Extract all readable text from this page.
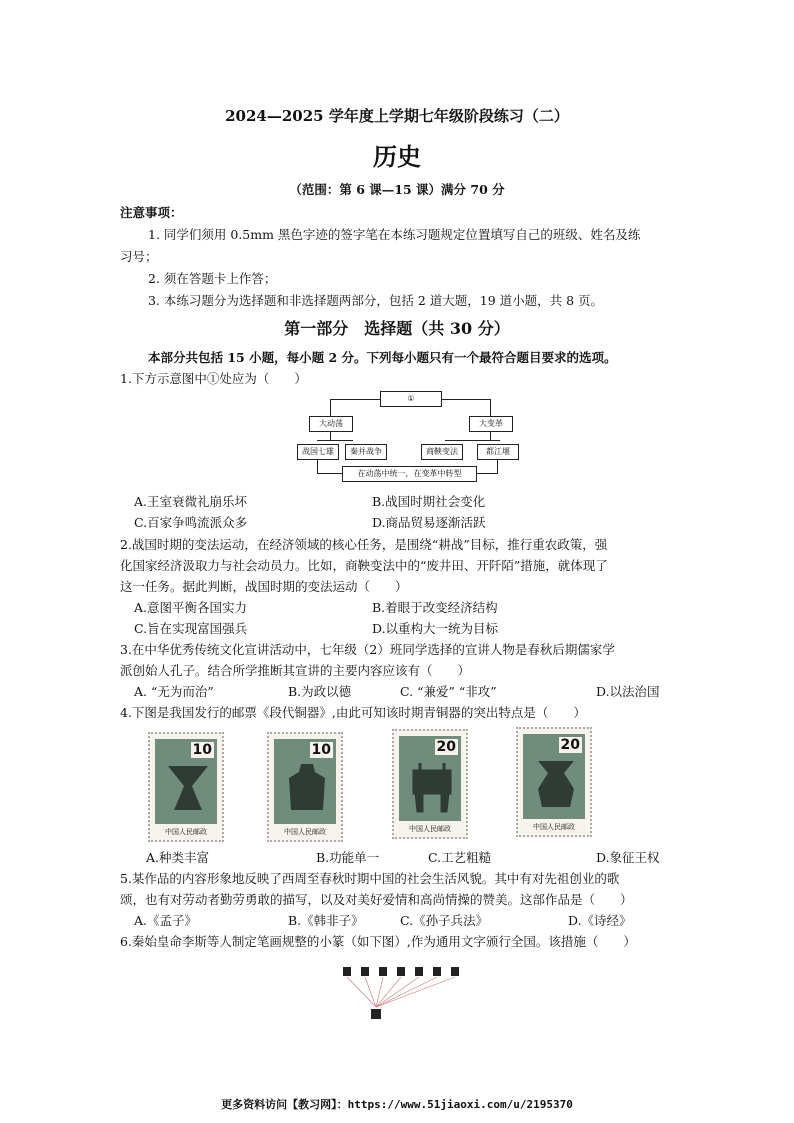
2024—2025 学年度上学期七年级阶段练习（二）
历史
（范围：第 6 课—15 课）满分 70 分
注意事项：
1. 同学们须用 0.5mm 黑色字迹的签字笔在本练习题规定位置填写自己的班级、姓名及练
习号；
2. 须在答题卡上作答；
3. 本练习题分为选择题和非选择题两部分，包括 2 道大题，19 道小题，共 8 页。
第一部分　选择题（共 30 分）
本部分共包括 15 小题，每小题 2 分。下列每小题只有一个最符合题目要求的选项。
1.下方示意图中①处应为（　　）
①
大动荡	大变革
战国七雄	秦并战争	商鞅变法	都江堰
在动荡中统一，在变革中转型
A.王室衰微礼崩乐坏	B.战国时期社会变化
C.百家争鸣流派众多	D.商品贸易逐渐活跃
2.战国时期的变法运动，在经济领域的核心任务，是围绕“耕战”目标，推行重农政策，强
化国家经济汲取力与社会动员力。比如，商鞅变法中的“废井田、开阡陌”措施，就体现了
这一任务。据此判断，战国时期的变法运动（　　）
A.意图平衡各国实力	B.着眼于改变经济结构
C.旨在实现富国强兵	D.以重构大一统为目标
3.在中华优秀传统文化宣讲活动中，七年级（2）班同学选择的宣讲人物是春秋后期儒家学
派创始人孔子。结合所学推断其宣讲的主要内容应该有（　　）
A. “无为而治”	B.为政以德	C. “兼爱” “非攻”	D.以法治国
4.下图是我国发行的邮票《段代铜器》,由此可知该时期青铜器的突出特点是（　　）
10
中国人民邮政
10
中国人民邮政
20
中国人民邮政
20
中国人民邮政
A.种类丰富	B.功能单一	C.工艺粗糙	D.象征王权
5.某作品的内容形象地反映了西周至春秋时期中国的社会生活风貌。其中有对先祖创业的歌
颂，也有对劳动者勤劳勇敢的描写，以及对美好爱情和高尚情操的赞美。这部作品是（　　）
A.《孟子》	B.《韩非子》	C.《孙子兵法》	D.《诗经》
6.秦始皇命李斯等人制定笔画规整的小篆（如下图）,作为通用文字颁行全国。该措施（　　）
更多资料访问【教习网】：https://www.51jiaoxi.com/u/2195370
